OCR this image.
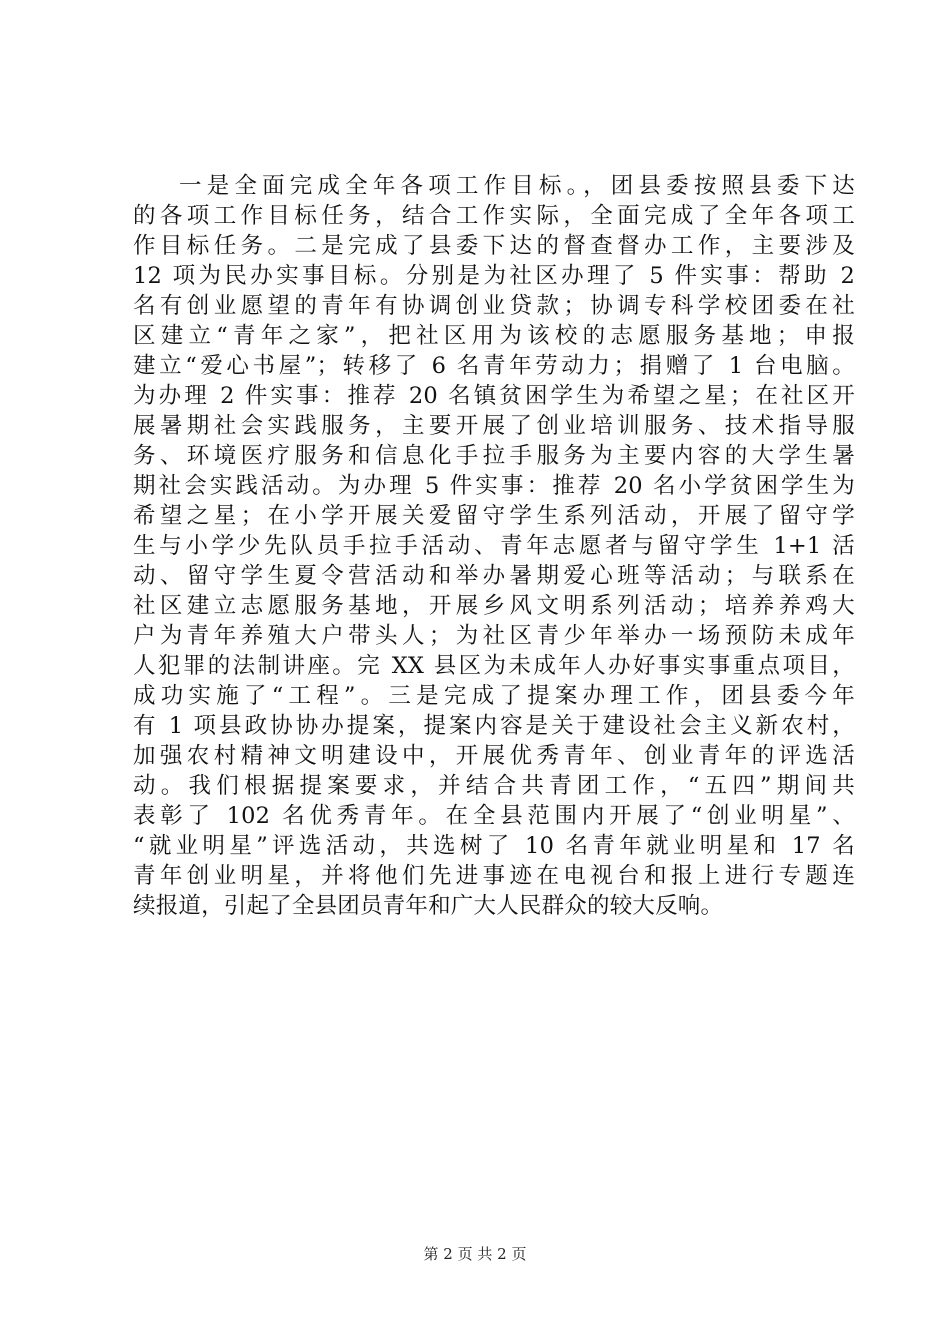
一是全面完成全年各项工作目标。，团县委按照县委下达
的各项工作目标任务，结合工作实际，全面完成了全年各项工
作目标任务。二是完成了县委下达的督查督办工作，主要涉及
12 项为民办实事目标。分别是为社区办理了 5 件实事：帮助 2
名有创业愿望的青年有协调创业贷款；协调专科学校团委在社
区建立“青年之家”，把社区用为该校的志愿服务基地；申报
建立“爱心书屋”；转移了 6 名青年劳动力；捐赠了 1 台电脑。
为办理 2 件实事：推荐 20 名镇贫困学生为希望之星；在社区开
展暑期社会实践服务，主要开展了创业培训服务、技术指导服
务、环境医疗服务和信息化手拉手服务为主要内容的大学生暑
期社会实践活动。为办理 5 件实事：推荐 20 名小学贫困学生为
希望之星；在小学开展关爱留守学生系列活动，开展了留守学
生与小学少先队员手拉手活动、青年志愿者与留守学生 1+1 活
动、留守学生夏令营活动和举办暑期爱心班等活动；与联系在
社区建立志愿服务基地，开展乡风文明系列活动；培养养鸡大
户为青年养殖大户带头人；为社区青少年举办一场预防未成年
人犯罪的法制讲座。完 XX 县区为未成年人办好事实事重点项目，
成功实施了“工程”。三是完成了提案办理工作，团县委今年
有 1 项县政协协办提案，提案内容是关于建设社会主义新农村，
加强农村精神文明建设中，开展优秀青年、创业青年的评选活
动。我们根据提案要求，并结合共青团工作，“五四”期间共
表彰了 102 名优秀青年。在全县范围内开展了“创业明星”、
“就业明星”评选活动，共选树了 10 名青年就业明星和 17 名
青年创业明星，并将他们先进事迹在电视台和报上进行专题连
续报道，引起了全县团员青年和广大人民群众的较大反响。
第 2 页 共 2 页
